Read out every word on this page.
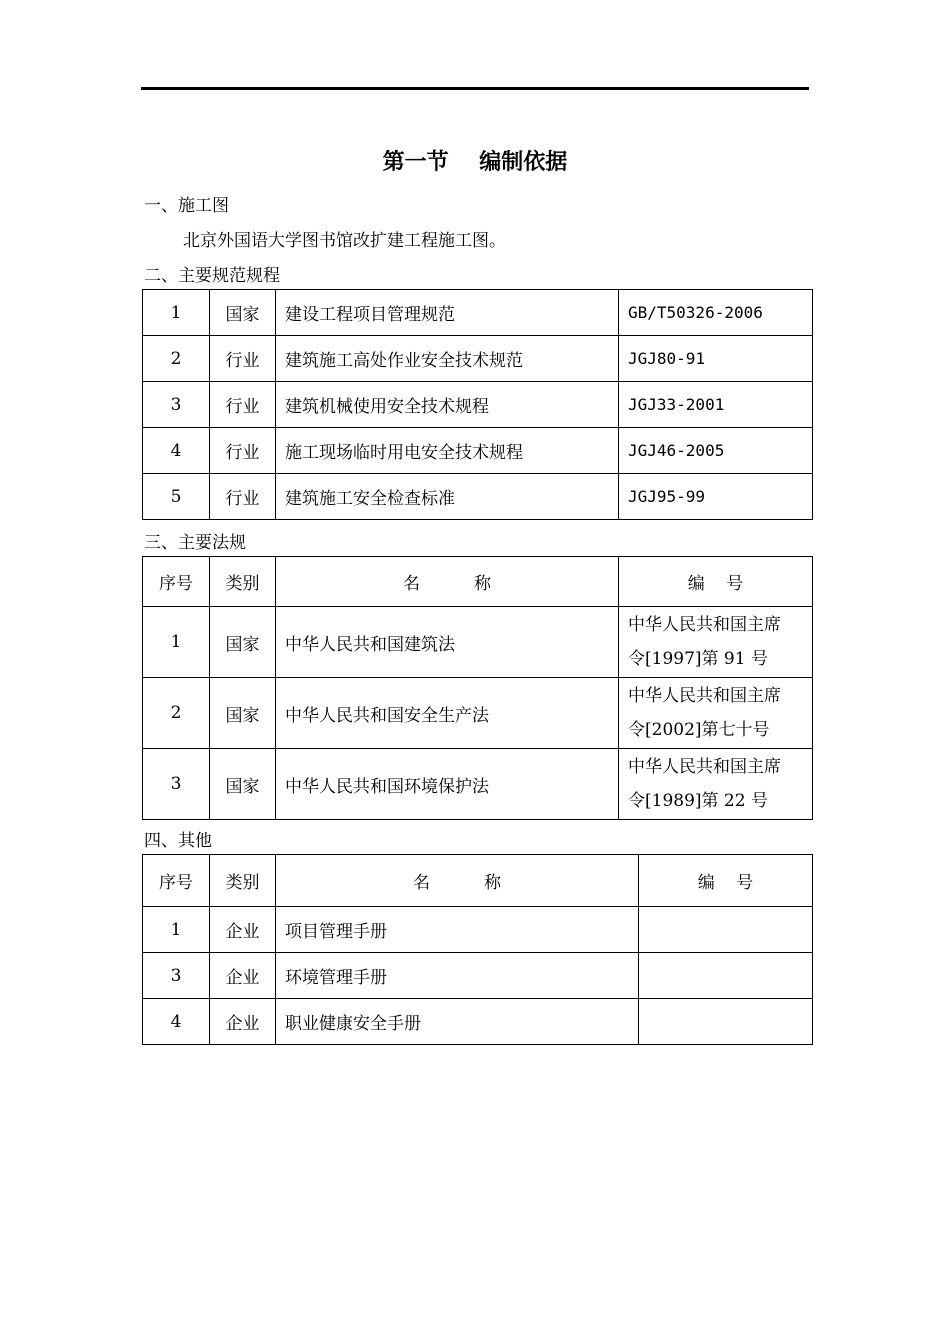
第一节    编制依据
一、施工图
北京外国语大学图书馆改扩建工程施工图。
二、主要规范规程
1	国家	建设工程项目管理规范	GB/T50326-2006
2	行业	建筑施工高处作业安全技术规范	JGJ80-91
3	行业	建筑机械使用安全技术规程	JGJ33-2001
4	行业	施工现场临时用电安全技术规程	JGJ46-2005
5	行业	建筑施工安全检查标准	JGJ95-99
三、主要法规
序号	类别	名          称	编    号
1	国家	中华人民共和国建筑法	中华人民共和国主席
令[1997]第 91 号

2	国家	中华人民共和国安全生产法	中华人民共和国主席
令[2002]第七十号

3	国家	中华人民共和国环境保护法	中华人民共和国主席
令[1989]第 22 号
四、其他
序号	类别	名          称	编    号
1	企业	项目管理手册	
3	企业	环境管理手册	
4	企业	职业健康安全手册	
